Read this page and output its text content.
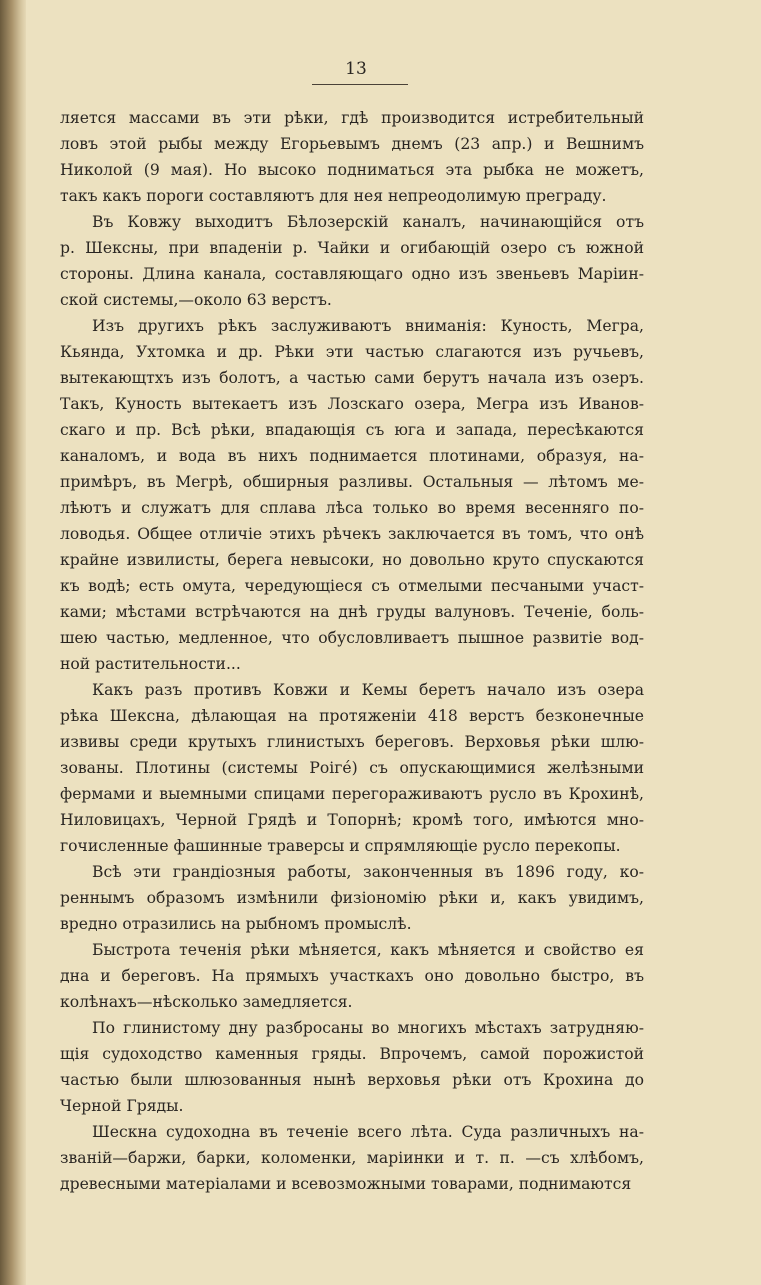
13
ляется массами въ эти рѣки, гдѣ производится истребительный
ловъ этой рыбы между Егорьевымъ днемъ (23 апр.) и Вешнимъ
Николой (9 мая). Но высоко подниматься эта рыбка не можетъ,
такъ какъ пороги составляютъ для нея непреодолимую преграду.
Въ Ковжу выходитъ Бѣлозерскій каналъ, начинающійся отъ
р. Шексны, при впаденіи р. Чайки и огибающій озеро съ южной
стороны. Длина канала, составляющаго одно изъ звеньевъ Маріин-
ской системы,—около 63 верстъ.
Изъ другихъ рѣкъ заслуживаютъ вниманія: Куность, Мегра,
Кьянда, Ухтомка и др. Рѣки эти частью слагаются изъ ручьевъ,
вытекающтхъ изъ болотъ, а частью сами берутъ начала изъ озеръ.
Такъ, Куность вытекаетъ изъ Лозскаго озера, Мегра изъ Иванов-
скаго и пр. Всѣ рѣки, впадающія съ юга и запада, пересѣкаются
каналомъ, и вода въ нихъ поднимается плотинами, образуя, на-
примѣръ, въ Мегрѣ, обширныя разливы. Остальныя — лѣтомъ ме-
лѣютъ и служатъ для сплава лѣса только во время весенняго по-
ловодья. Общее отличіе этихъ рѣчекъ заключается въ томъ, что онѣ
крайне извилисты, берега невысоки, но довольно круто спускаются
къ водѣ; есть омута, чередующіеся съ отмелыми песчаными участ-
ками; мѣстами встрѣчаются на днѣ груды валуновъ. Теченіе, боль-
шею частью, медленное, что обусловливаетъ пышное развитіе вод-
ной растительности...
Какъ разъ противъ Ковжи и Кемы беретъ начало изъ озера
рѣка Шексна, дѣлающая на протяженіи 418 верстъ безконечные
извивы среди крутыхъ глинистыхъ береговъ. Верховья рѣки шлю-
зованы. Плотины (системы Роігé) съ опускающимися желѣзными
фермами и выемными спицами перегораживаютъ русло въ Крохинѣ,
Ниловицахъ, Черной Грядѣ и Топорнѣ; кромѣ того, имѣются мно-
гочисленные фашинные траверсы и спрямляющіе русло перекопы.
Всѣ эти грандіозныя работы, законченныя въ 1896 году, ко-
реннымъ образомъ измѣнили физіономію рѣки и, какъ увидимъ,
вредно отразились на рыбномъ промыслѣ.
Быстрота теченія рѣки мѣняется, какъ мѣняется и свойство ея
дна и береговъ. На прямыхъ участкахъ оно довольно быстро, въ
колѣнахъ—нѣсколько замедляется.
По глинистому дну разбросаны во многихъ мѣстахъ затрудняю-
щія судоходство каменныя гряды. Впрочемъ, самой порожистой
частью были шлюзованныя нынѣ верховья рѣки отъ Крохина до
Черной Гряды.
Шескна судоходна въ теченіе всего лѣта. Суда различныхъ на-
званій—баржи, барки, коломенки, маріинки и т. п. —съ хлѣбомъ,
древесными матеріалами и всевозможными товарами, поднимаются
